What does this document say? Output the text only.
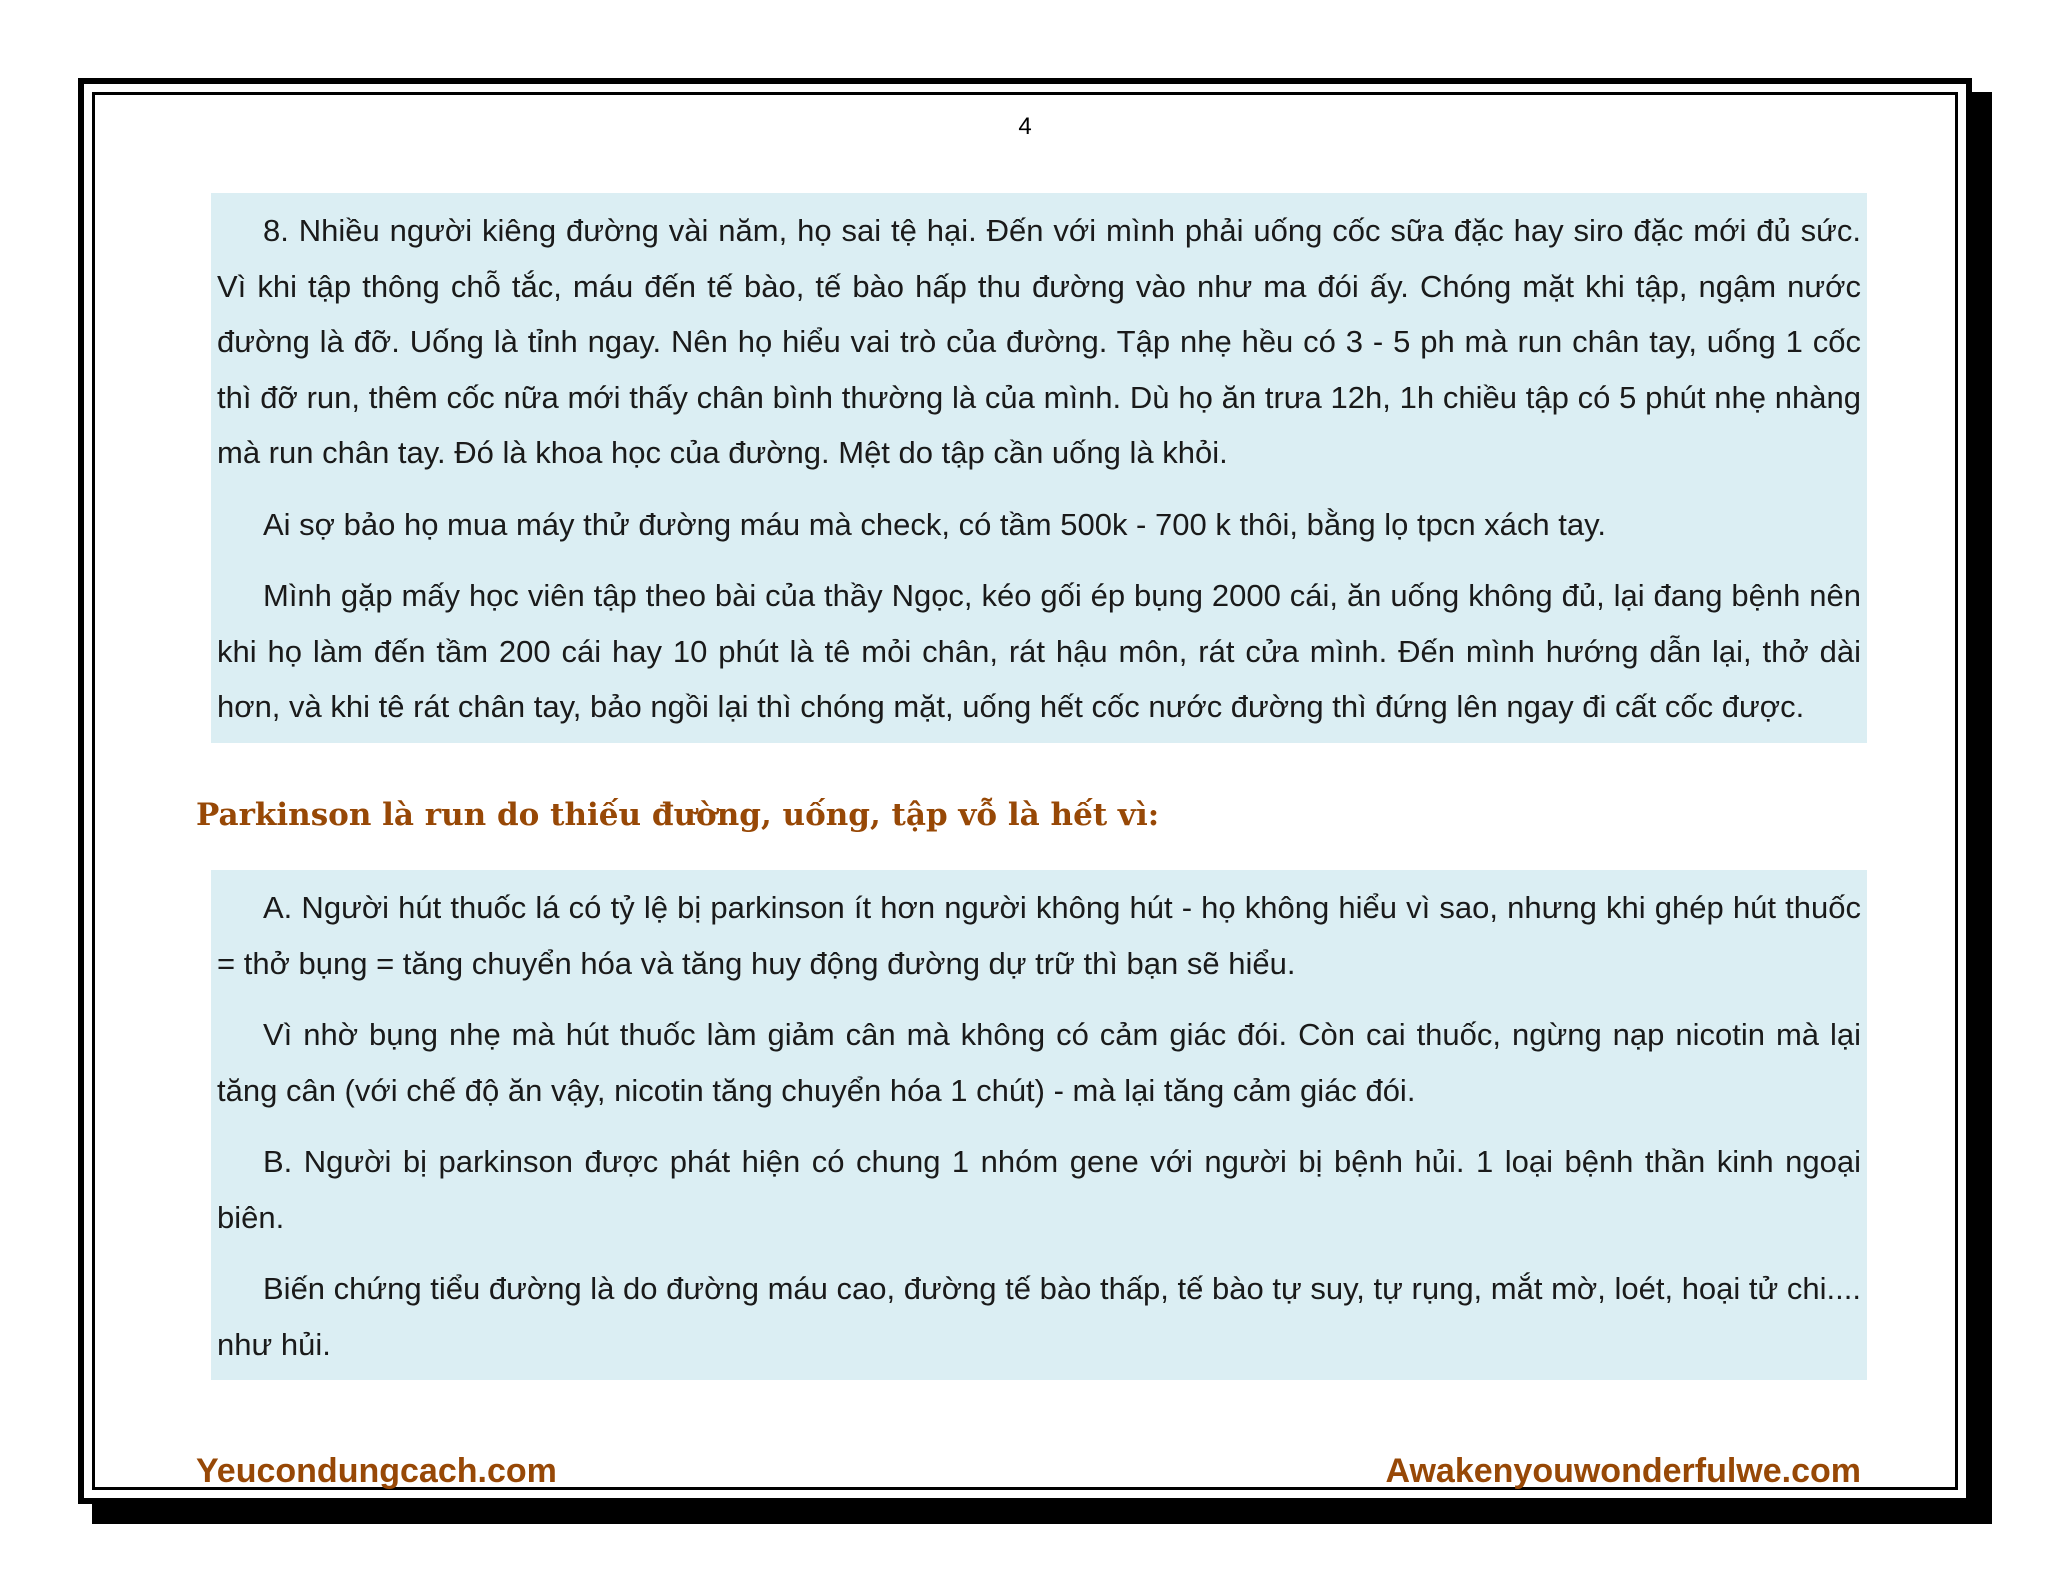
4

8. Nhiều người kiêng đường vài năm, họ sai tệ hại. Đến với mình phải uống cốc sữa đặc hay siro đặc mới đủ sức. Vì khi tập thông chỗ tắc, máu đến tế bào, tế bào hấp thu đường vào như ma đói ấy. Chóng mặt khi tập, ngậm nước đường là đỡ. Uống là tỉnh ngay. Nên họ hiểu vai trò của đường. Tập nhẹ hều có 3 - 5 ph mà run chân tay, uống 1 cốc thì đỡ run, thêm cốc nữa mới thấy chân bình thường là của mình. Dù họ ăn trưa 12h, 1h chiều tập có 5 phút nhẹ nhàng mà run chân tay. Đó là khoa học của đường. Mệt do tập cần uống là khỏi.

Ai sợ bảo họ mua máy thử đường máu mà check, có tầm 500k - 700 k thôi, bằng lọ tpcn xách tay.

Mình gặp mấy học viên tập theo bài của thầy Ngọc, kéo gối ép bụng 2000 cái, ăn uống không đủ, lại đang bệnh nên khi họ làm đến tầm 200 cái hay 10 phút là tê mỏi chân, rát hậu môn, rát cửa mình. Đến mình hướng dẫn lại, thở dài hơn, và khi tê rát chân tay, bảo ngồi lại thì chóng mặt, uống hết cốc nước đường thì đứng lên ngay đi cất cốc được.

Parkinson là run do thiếu đường, uống, tập vỗ là hết vì:

A. Người hút thuốc lá có tỷ lệ bị parkinson ít hơn người không hút - họ không hiểu vì sao, nhưng khi ghép hút thuốc = thở bụng = tăng chuyển hóa và tăng huy động đường dự trữ thì bạn sẽ hiểu.

Vì nhờ bụng nhẹ mà hút thuốc làm giảm cân mà không có cảm giác đói. Còn cai thuốc, ngừng nạp nicotin mà lại tăng cân (với chế độ ăn vậy, nicotin tăng chuyển hóa 1 chút) - mà lại tăng cảm giác đói.

B. Người bị parkinson được phát hiện có chung 1 nhóm gene với người bị bệnh hủi. 1 loại bệnh thần kinh ngoại biên.

Biến chứng tiểu đường là do đường máu cao, đường tế bào thấp, tế bào tự suy, tự rụng, mắt mờ, loét, hoại tử chi.... như hủi.

Yeucondungcach.com	Awakenyouwonderfulwe.com
